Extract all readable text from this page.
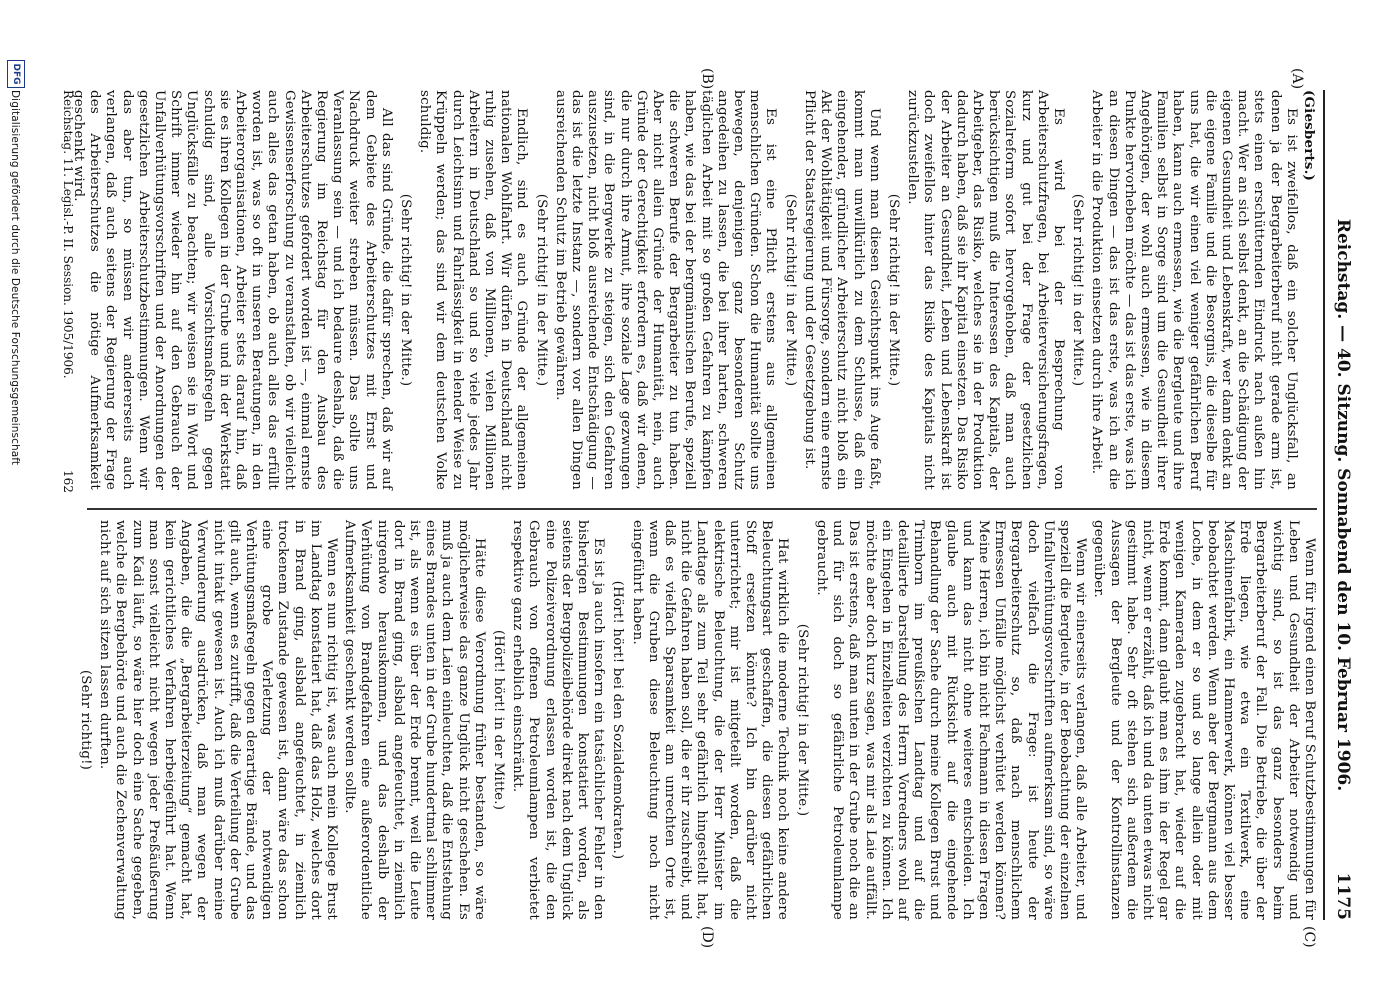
Reichstag. — 40. Sitzung. Sonnabend den 10. Februar 1906.
1175
(A)
(B)
(C)
(D)

(Giesberts.)

Es ist zweifellos, daß ein solcher Unglücksfall, an denen ja der Bergarbeiterberuf nicht gerade arm ist, stets einen erschütternden Eindruck nach außen hin macht. Wer an sich selbst denkt, an die Schädigung der eigenen Gesundheit und Lebenskraft, wer dann denkt an die eigene Familie und die Besorgnis, die dieselbe für uns hat, die wir einen viel weniger gefährlichen Beruf haben, kann auch ermessen, wie die Bergleute und ihre Familien selbst in Sorge sind um die Gesundheit ihrer Angehörigen, der wohl auch ermessen, wie in diesem Punkte hervorheben möchte — das ist das erste, was ich an diesen Dingen — das ist das erste, was ich an die Arbeiter in die Produktion einsetzen durch ihre Arbeit.

(Sehr richtig! in der Mitte.)

Es wird bei der Besprechung von Arbeiterschutzfragen, bei Arbeiterversicherungsfragen, kurz und gut bei der Frage der gesetzlichen Sozialreform sofort hervorgehoben, daß man auch berücksichtigen muß die Interessen des Kapitals, der Arbeitgeber, das Risiko, welches sie in der Produktion dadurch haben, daß sie ihr Kapital einsetzen. Das Risiko der Arbeiter an Gesundheit, Leben und Lebenskraft ist doch zweifellos hinter das Risiko des Kapitals nicht zurückzustellen.

(Sehr richtig! in der Mitte.)

Und wenn man diesen Gesichtspunkt ins Auge faßt, kommt man unwillkürlich zu dem Schlusse, daß ein eingehender, gründlicher Arbeiterschutz nicht bloß ein Akt der Wohltätigkeit und Fürsorge, sondern eine ernste Pflicht der Staatsregierung und der Gesetzgebung ist.

(Sehr richtig! in der Mitte.)

Es ist eine Pflicht erstens aus allgemeinen menschlichen Gründen. Schon die Humanität sollte uns bewegen, denjenigen ganz besonderen Schutz angedeihen zu lassen, die bei ihrer harten, schweren täglichen Arbeit mit so großen Gefahren zu kämpfen haben, wie das bei der bergmännischen Berufe, speziell die schweren Berufe der Bergarbeiter zu tun haben. Aber nicht allein Gründe der Humanität, nein, auch Gründe der Gerechtigkeit erfordern es, daß wir denen, die nur durch ihre Armut, ihre soziale Lage gezwungen sind, in die Bergwerke zu steigen, sich den Gefahren auszusetzen, nicht bloß ausreichende Entschädigung — das ist die letzte Instanz —, sondern vor allen Dingen ausreichenden Schutz im Betrieb gewähren.

(Sehr richtig! in der Mitte.)

Endlich, sind es auch Gründe der allgemeinen nationalen Wohlfahrt. Wir dürfen in Deutschland nicht ruhig zusehen, daß von Millionen, vielen Millionen Arbeitern in Deutschland so und so viele jedes Jahr durch Leichtsinn und Fahrlässigkeit in elender Weise zu Krüppeln werden; das sind wir dem deutschen Volke schuldig.

(Sehr richtig! in der Mitte.)

All das sind Gründe, die dafür sprechen, daß wir auf dem Gebiete des Arbeiterschutzes mit Ernst und Nachdruck weiter streben müssen. Das sollte uns Veranlassung sein — und ich bedaure deshalb, daß die Regierung im Reichstag für den Ausbau des Arbeiterschutzes gefordert worden ist —, einmal ernste Gewissenserforschung zu veranstalten, ob wir vielleicht auch alles das getan haben, ob auch alles das erfüllt worden ist, was so oft in unseren Beratungen, in den Arbeiterorganisationen, Arbeiter stets darauf hin, daß sie es ihren Kollegen in der Grube und in der Werkstatt schuldig sind, alle Vorsichtsmaßregeln gegen Unglücksfälle zu beachten; wir weisen sie in Wort und Schrift immer wieder hin auf den Gebrauch der Unfallverhütungsvorschriften und der Anordnungen der gesetzlichen Arbeiterschutzbestimmungen. Wenn wir das aber tun, so müssen wir andererseits auch verlangen, daß auch seitens der Regierung der Frage des Arbeiterschutzes die nötige Aufmerksamkeit geschenkt wird.

Wenn für irgend einen Beruf Schutzbestimmungen für Leben und Gesundheit der Arbeiter notwendig und wichtig sind, so ist das ganz besonders beim Bergarbeiterberuf der Fall. Die Betriebe, die über der Erde liegen, wie etwa ein Textilwerk, eine Maschinenfabrik, ein Hammerwerk, können viel besser beobachtet werden. Wenn aber der Bergmann aus dem Loche, in dem er so und so lange allein oder mit wenigen Kameraden zugebracht hat, wieder auf die Erde kommt, dann glaubt man es ihm in der Regel gar nicht, wenn er erzählt, daß ich und da unten etwas nicht gestimmt habe. Sehr oft stehen sich außerdem die Aussagen der Bergleute und der Kontrollinstanzen gegenüber.

Wenn wir einerseits verlangen, daß alle Arbeiter, und speziell die Bergleute, in der Beobachtung der einzelnen Unfallverhütungsvorschriften aufmerksam sind, so wäre doch vielfach die Frage: ist heute der Bergarbeiterschutz so, daß nach menschlichem Ermessen Unfälle möglichst verhütet werden können? Meine Herren, ich bin nicht Fachmann in diesen Fragen und kann das nicht ohne weiteres entscheiden. Ich glaube auch mit Rücksicht auf die eingehende Behandlung der Sache durch meine Kollegen Brust und Trimborn im preußischen Landtag und auf die detaillierte Darstellung des Herrn Vorredners wohl auf ein Eingehen in Einzelheiten verzichten zu können. Ich möchte aber doch kurz sagen, was mir als Laie auffällt. Das ist erstens, daß man unten in der Grube noch die an und für sich doch so gefährliche Petroleumlampe gebraucht.

(Sehr richtig! in der Mitte.)

Hat wirklich die moderne Technik noch keine andere Beleuchtungsart geschaffen, die diesen gefährlichen Stoff ersetzen könnte? Ich bin darüber nicht unterrichtet; mir ist mitgeteilt worden, daß die elektrische Beleuchtung, die der Herr Minister im Landtage als zum Teil sehr gefährlich hingestellt hat, nicht die Gefahren haben soll, die er ihr zuschreibt, und daß es vielfach Sparsamkeit am unrechten Orte ist, wenn die Gruben diese Beleuchtung noch nicht eingeführt haben.

(Hört! hört! bei den Sozialdemokraten.)

Es ist ja auch insofern ein tatsächlicher Fehler in den bisherigen Bestimmungen konstatiert worden, als seitens der Bergpolizeibehörde direkt nach dem Unglück eine Polizeiverordnung erlassen worden ist, die den Gebrauch von offenen Petroleumlampen verbietet respektive ganz erheblich einschränkt.

(Hört! hört! in der Mitte.)

Hätte diese Verordnung früher bestanden, so wäre möglicherweise das ganze Unglück nicht geschehen. Es muß ja auch dem Laien einleuchten, daß die Entstehung eines Brandes unten in der Grube hundertmal schlimmer ist, als wenn es über der Erde brennt, weil die Leute dort in Brand ging, alsbald angefeuchtet, in ziemlich nirgendwo herauskommen, und das deshalb der Verhütung von Brandgefahren eine außerordentliche Aufmerksamkeit geschenkt werden sollte.

Wenn es nun richtig ist, was auch mein Kollege Brust im Landtag konstatiert hat, daß das Holz, welches dort in Brand ging, alsbald angefeuchtet, in ziemlich trockenem Zustande gewesen ist, dann wäre das schon eine grobe Verletzung der notwendigen Verhütungsmaßregeln gegen derartige Brände, und das gilt auch, wenn es zutrifft, daß die Verteilung der Grube nicht intakt gewesen ist. Auch ich muß darüber meine Verwunderung ausdrücken, daß man wegen der Angaben, die die „Bergarbeiterzeitung“ gemacht hat, kein gerichtliches Verfahren herbeigeführt hat. Wenn man sonst vielleicht nicht wegen jeder Preßäußerung zum Kadi läuft, so wäre hier doch eine Sache gegeben, welche die Bergbehörde und auch die Zechenverwaltung nicht auf sich sitzen lassen durften.

(Sehr richtig!)

Reichstag. 11. Legisl.-P. II. Session. 1905/1906.
162
DFG
Digitalisierung gefördert durch die Deutsche Forschungsgemeinschaft
